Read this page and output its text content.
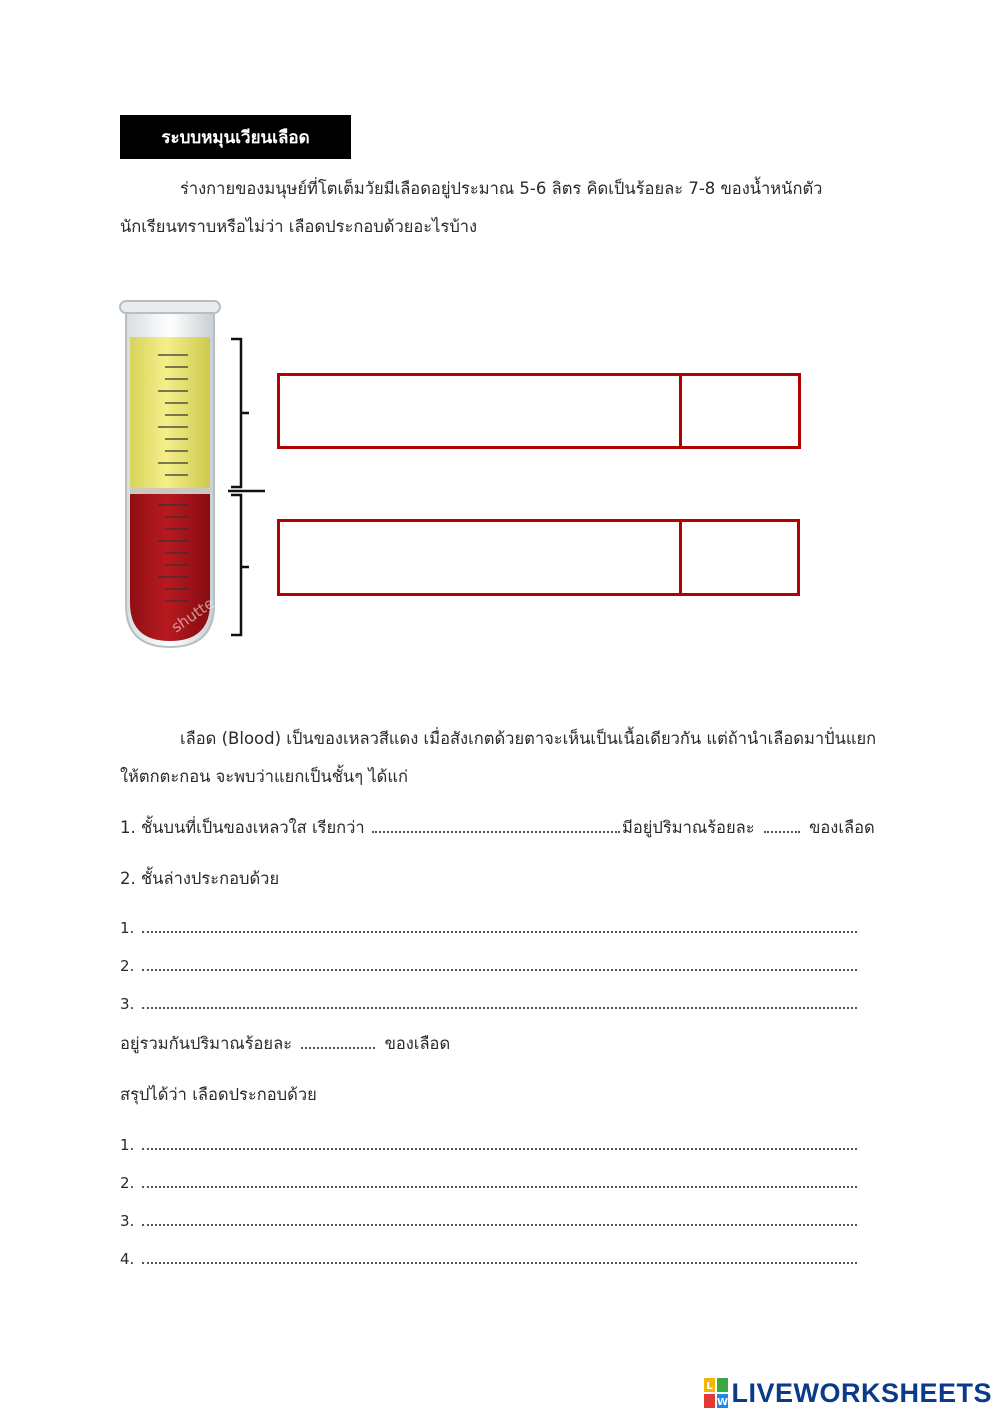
ระบบหมุนเวียนเลือด
ร่างกายของมนุษย์ที่โตเต็มวัยมีเลือดอยู่ประมาณ 5-6 ลิตร คิดเป็นร้อยละ 7-8 ของน้ำหนักตัว
นักเรียนทราบหรือไม่ว่า เลือดประกอบด้วยอะไรบ้าง
shutte
เลือด (Blood) เป็นของเหลวสีแดง เมื่อสังเกตด้วยตาจะเห็นเป็นเนื้อเดียวกัน แต่ถ้านำเลือดมาปั่นแยก
ให้ตกตะกอน จะพบว่าแยกเป็นชั้นๆ ได้แก่
1. ชั้นบนที่เป็นของเหลวใส เรียกว่า	มีอยู่ปริมาณร้อยละ	ของเลือด
2. ชั้นล่างประกอบด้วย
1.
2.
3.
อยู่รวมกันปริมาณร้อยละ	ของเลือด
สรุปได้ว่า เลือดประกอบด้วย
1.
2.
3.
4.
L
W LIVEWORKSHEETS
